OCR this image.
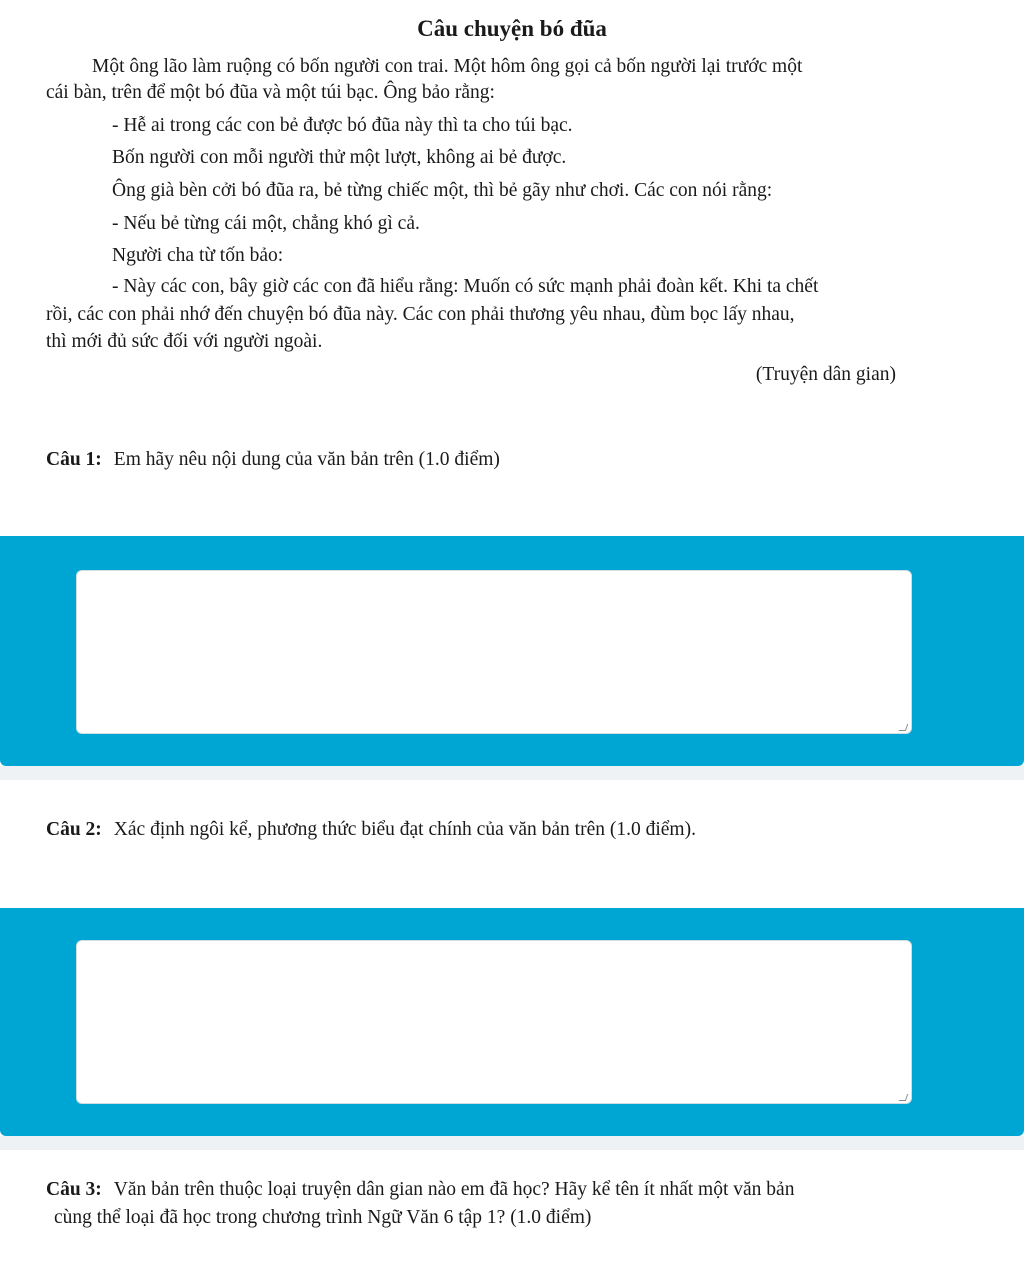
Câu chuyện bó đũa
Một ông lão làm ruộng có bốn người con trai. Một hôm ông gọi cả bốn người lại trước một
cái bàn, trên để một bó đũa và một túi bạc. Ông bảo rằng:
- Hễ ai trong các con bẻ được bó đũa này thì ta cho túi bạc.
Bốn người con mỗi người thử một lượt, không ai bẻ được.
Ông già bèn cởi bó đũa ra, bẻ từng chiếc một, thì bẻ gãy như chơi. Các con nói rằng:
- Nếu bẻ từng cái một, chẳng khó gì cả.
Người cha từ tốn bảo:
- Này các con, bây giờ các con đã hiểu rằng: Muốn có sức mạnh phải đoàn kết. Khi ta chết
rồi, các con phải nhớ đến chuyện bó đũa này. Các con phải thương yêu nhau, đùm bọc lấy nhau,
thì mới đủ sức đối với người ngoài.
(Truyện dân gian)
Câu 1: Em hãy nêu nội dung của văn bản trên (1.0 điểm)
Câu 2: Xác định ngôi kể, phương thức biểu đạt chính của văn bản trên (1.0 điểm).
Câu 3: Văn bản trên thuộc loại truyện dân gian nào em đã học? Hãy kể tên ít nhất một văn bản
cùng thể loại đã học trong chương trình Ngữ Văn 6 tập 1? (1.0 điểm)
